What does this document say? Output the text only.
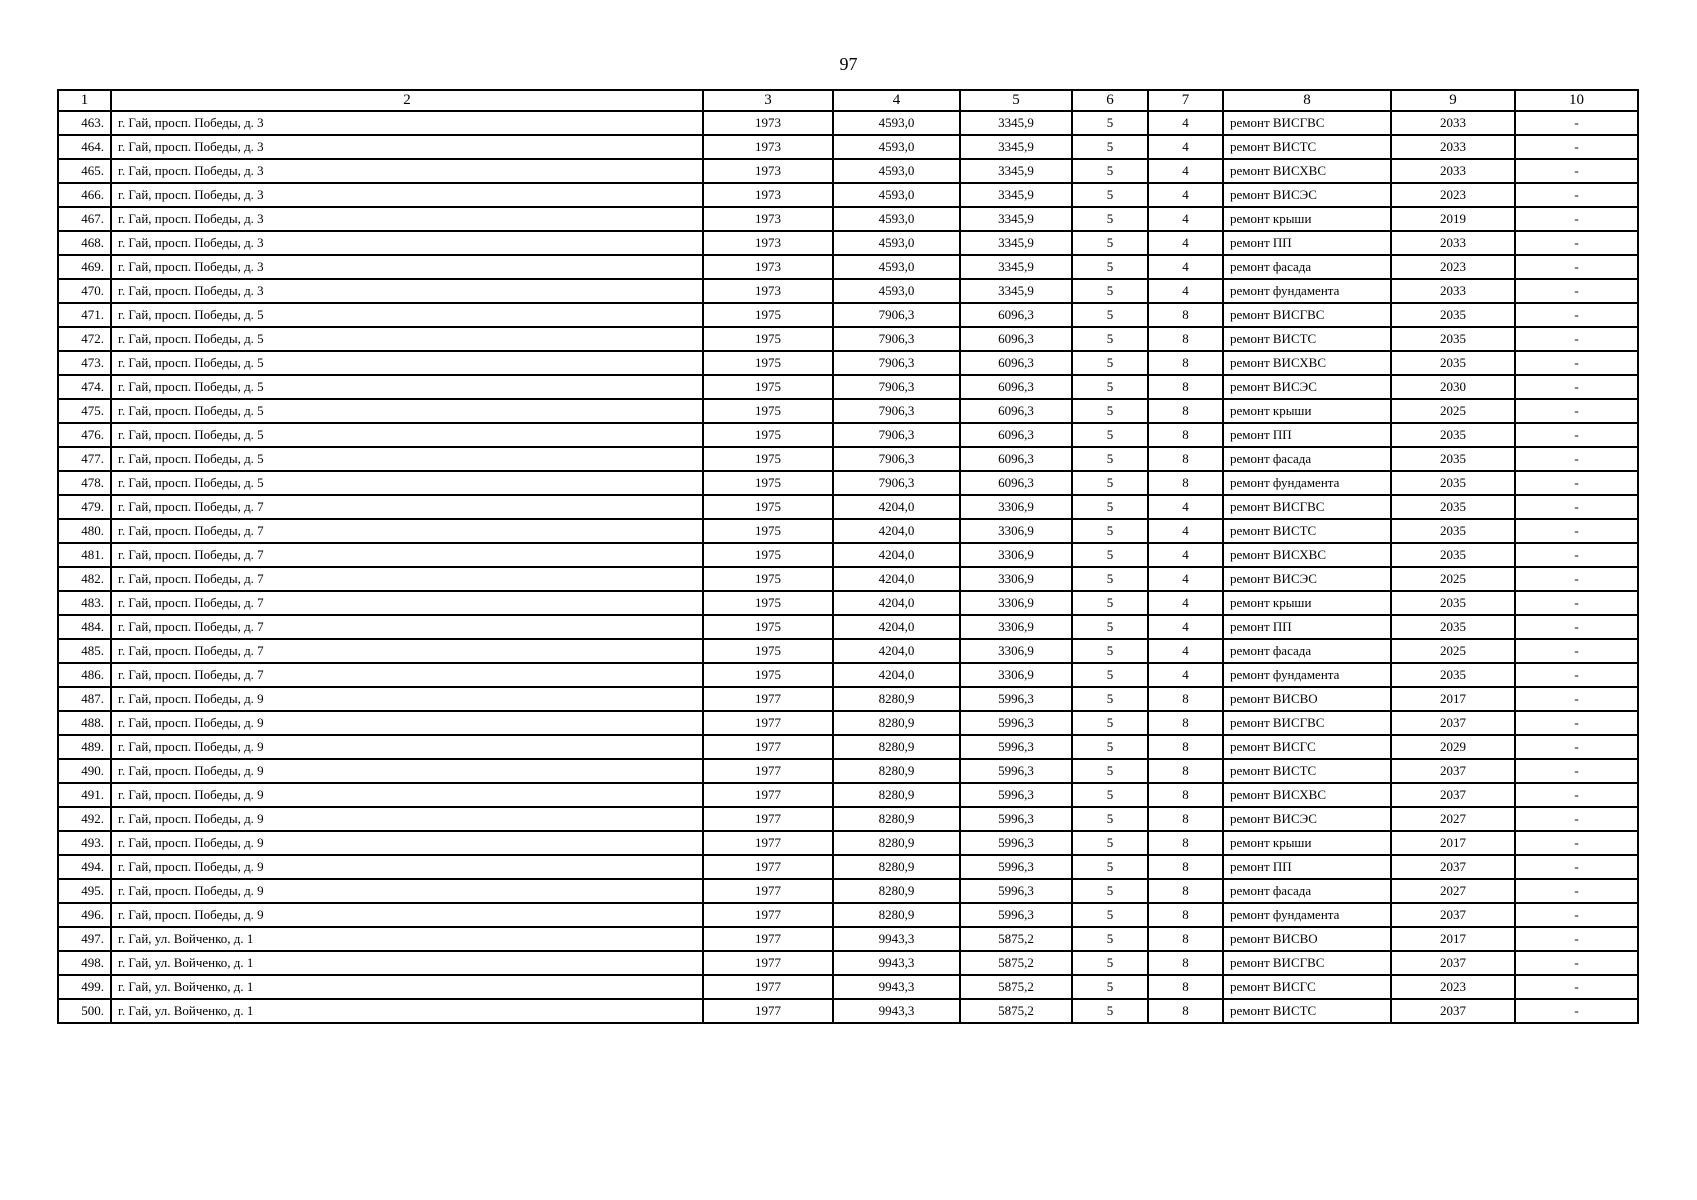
97
1	2	3	4	5	6	7	8	9	10
463.	г. Гай, просп. Победы, д. 3	1973	4593,0	3345,9	5	4	ремонт ВИСГВС	2033	-
464.	г. Гай, просп. Победы, д. 3	1973	4593,0	3345,9	5	4	ремонт ВИСТС	2033	-
465.	г. Гай, просп. Победы, д. 3	1973	4593,0	3345,9	5	4	ремонт ВИСХВС	2033	-
466.	г. Гай, просп. Победы, д. 3	1973	4593,0	3345,9	5	4	ремонт ВИСЭС	2023	-
467.	г. Гай, просп. Победы, д. 3	1973	4593,0	3345,9	5	4	ремонт крыши	2019	-
468.	г. Гай, просп. Победы, д. 3	1973	4593,0	3345,9	5	4	ремонт ПП	2033	-
469.	г. Гай, просп. Победы, д. 3	1973	4593,0	3345,9	5	4	ремонт фасада	2023	-
470.	г. Гай, просп. Победы, д. 3	1973	4593,0	3345,9	5	4	ремонт фундамента	2033	-
471.	г. Гай, просп. Победы, д. 5	1975	7906,3	6096,3	5	8	ремонт ВИСГВС	2035	-
472.	г. Гай, просп. Победы, д. 5	1975	7906,3	6096,3	5	8	ремонт ВИСТС	2035	-
473.	г. Гай, просп. Победы, д. 5	1975	7906,3	6096,3	5	8	ремонт ВИСХВС	2035	-
474.	г. Гай, просп. Победы, д. 5	1975	7906,3	6096,3	5	8	ремонт ВИСЭС	2030	-
475.	г. Гай, просп. Победы, д. 5	1975	7906,3	6096,3	5	8	ремонт крыши	2025	-
476.	г. Гай, просп. Победы, д. 5	1975	7906,3	6096,3	5	8	ремонт ПП	2035	-
477.	г. Гай, просп. Победы, д. 5	1975	7906,3	6096,3	5	8	ремонт фасада	2035	-
478.	г. Гай, просп. Победы, д. 5	1975	7906,3	6096,3	5	8	ремонт фундамента	2035	-
479.	г. Гай, просп. Победы, д. 7	1975	4204,0	3306,9	5	4	ремонт ВИСГВС	2035	-
480.	г. Гай, просп. Победы, д. 7	1975	4204,0	3306,9	5	4	ремонт ВИСТС	2035	-
481.	г. Гай, просп. Победы, д. 7	1975	4204,0	3306,9	5	4	ремонт ВИСХВС	2035	-
482.	г. Гай, просп. Победы, д. 7	1975	4204,0	3306,9	5	4	ремонт ВИСЭС	2025	-
483.	г. Гай, просп. Победы, д. 7	1975	4204,0	3306,9	5	4	ремонт крыши	2035	-
484.	г. Гай, просп. Победы, д. 7	1975	4204,0	3306,9	5	4	ремонт ПП	2035	-
485.	г. Гай, просп. Победы, д. 7	1975	4204,0	3306,9	5	4	ремонт фасада	2025	-
486.	г. Гай, просп. Победы, д. 7	1975	4204,0	3306,9	5	4	ремонт фундамента	2035	-
487.	г. Гай, просп. Победы, д. 9	1977	8280,9	5996,3	5	8	ремонт ВИСВО	2017	-
488.	г. Гай, просп. Победы, д. 9	1977	8280,9	5996,3	5	8	ремонт ВИСГВС	2037	-
489.	г. Гай, просп. Победы, д. 9	1977	8280,9	5996,3	5	8	ремонт ВИСГС	2029	-
490.	г. Гай, просп. Победы, д. 9	1977	8280,9	5996,3	5	8	ремонт ВИСТС	2037	-
491.	г. Гай, просп. Победы, д. 9	1977	8280,9	5996,3	5	8	ремонт ВИСХВС	2037	-
492.	г. Гай, просп. Победы, д. 9	1977	8280,9	5996,3	5	8	ремонт ВИСЭС	2027	-
493.	г. Гай, просп. Победы, д. 9	1977	8280,9	5996,3	5	8	ремонт крыши	2017	-
494.	г. Гай, просп. Победы, д. 9	1977	8280,9	5996,3	5	8	ремонт ПП	2037	-
495.	г. Гай, просп. Победы, д. 9	1977	8280,9	5996,3	5	8	ремонт фасада	2027	-
496.	г. Гай, просп. Победы, д. 9	1977	8280,9	5996,3	5	8	ремонт фундамента	2037	-
497.	г. Гай, ул. Войченко, д. 1	1977	9943,3	5875,2	5	8	ремонт ВИСВО	2017	-
498.	г. Гай, ул. Войченко, д. 1	1977	9943,3	5875,2	5	8	ремонт ВИСГВС	2037	-
499.	г. Гай, ул. Войченко, д. 1	1977	9943,3	5875,2	5	8	ремонт ВИСГС	2023	-
500.	г. Гай, ул. Войченко, д. 1	1977	9943,3	5875,2	5	8	ремонт ВИСТС	2037	-
